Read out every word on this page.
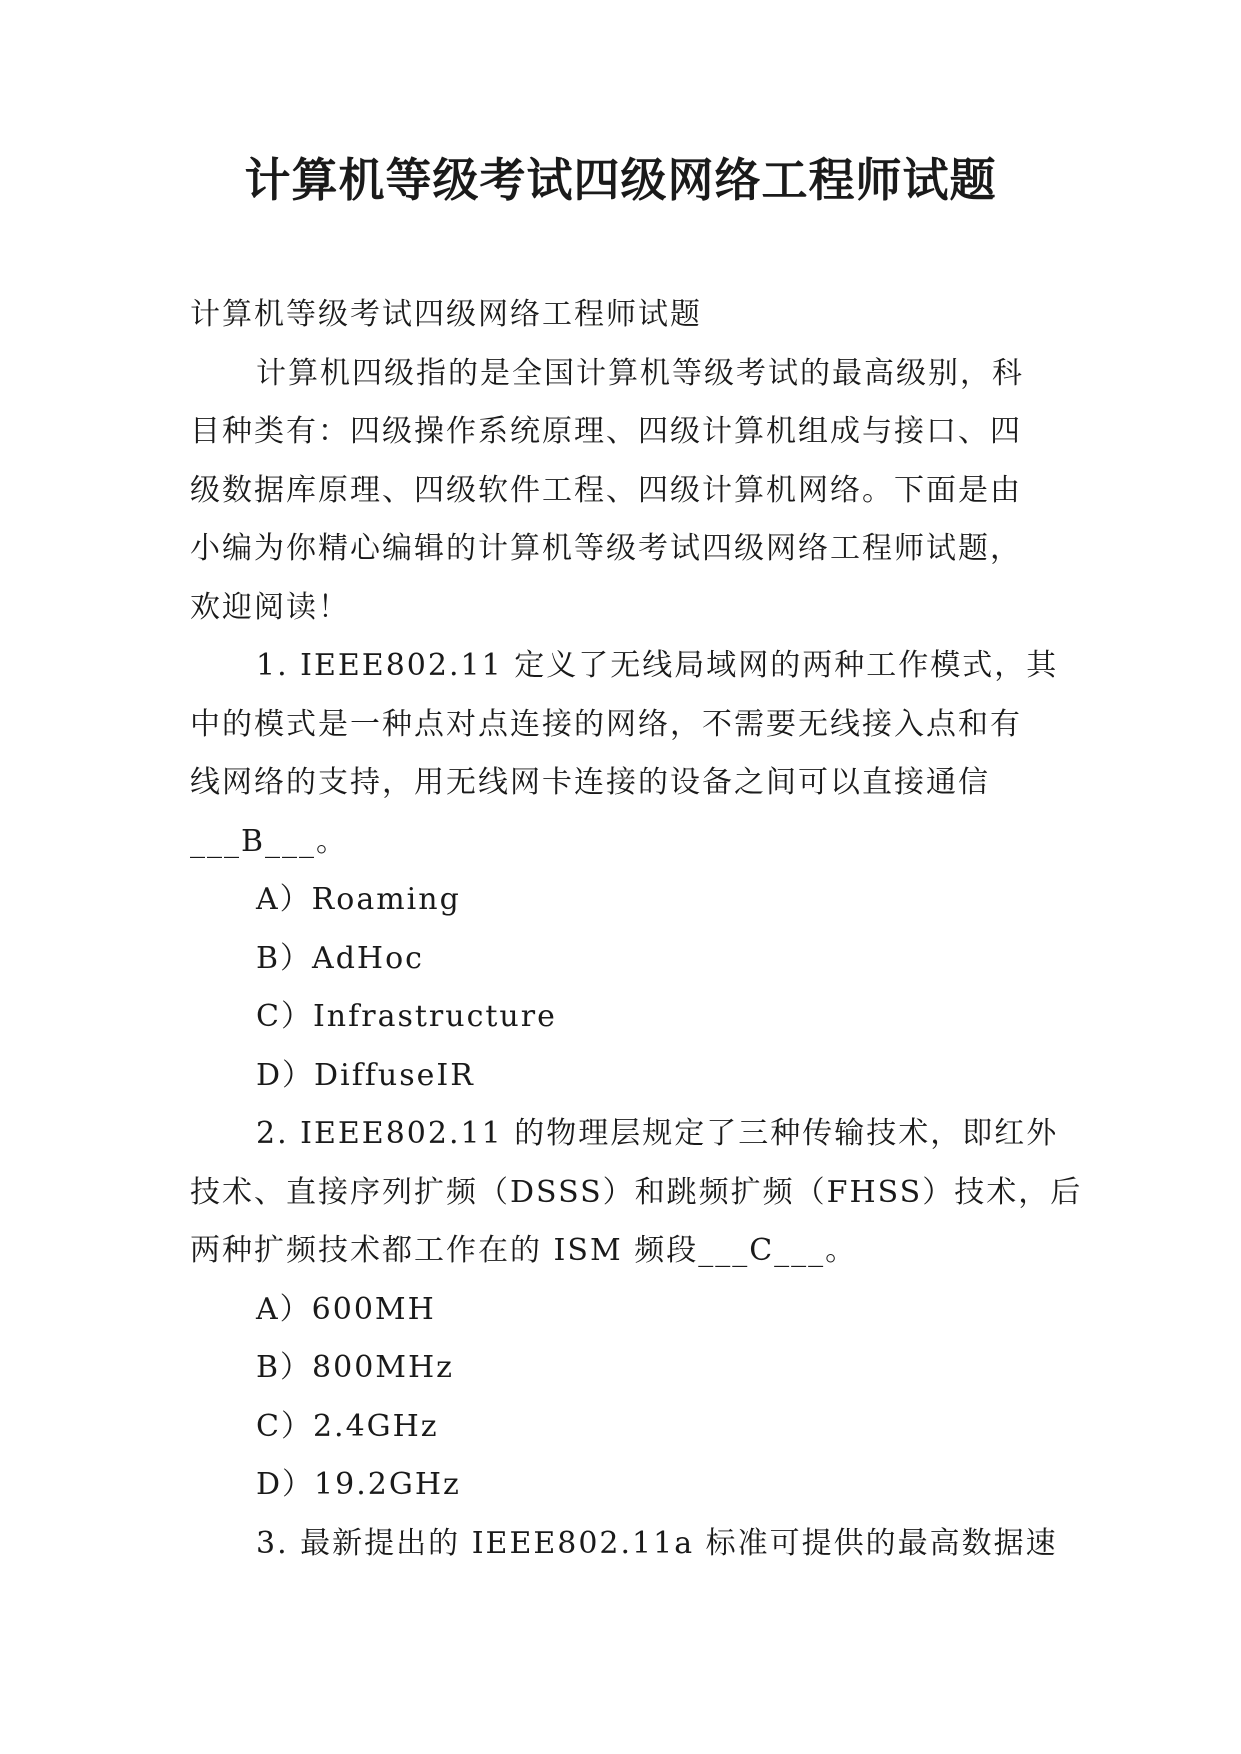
计算机等级考试四级网络工程师试题
计算机等级考试四级网络工程师试题
计算机四级指的是全国计算机等级考试的最高级别，科
目种类有：四级操作系统原理、四级计算机组成与接口、四
级数据库原理、四级软件工程、四级计算机网络。下面是由
小编为你精心编辑的计算机等级考试四级网络工程师试题，
欢迎阅读！
1. IEEE802.11 定义了无线局域网的两种工作模式，其
中的模式是一种点对点连接的网络，不需要无线接入点和有
线网络的支持，用无线网卡连接的设备之间可以直接通信
___B___。
A）Roaming
B）AdHoc
C）Infrastructure
D）DiffuseIR
2. IEEE802.11 的物理层规定了三种传输技术，即红外
技术、直接序列扩频（DSSS）和跳频扩频（FHSS）技术，后
两种扩频技术都工作在的 ISM 频段___C___。
A）600MH
B）800MHz
C）2.4GHz
D）19.2GHz
3. 最新提出的 IEEE802.11a 标准可提供的最高数据速
